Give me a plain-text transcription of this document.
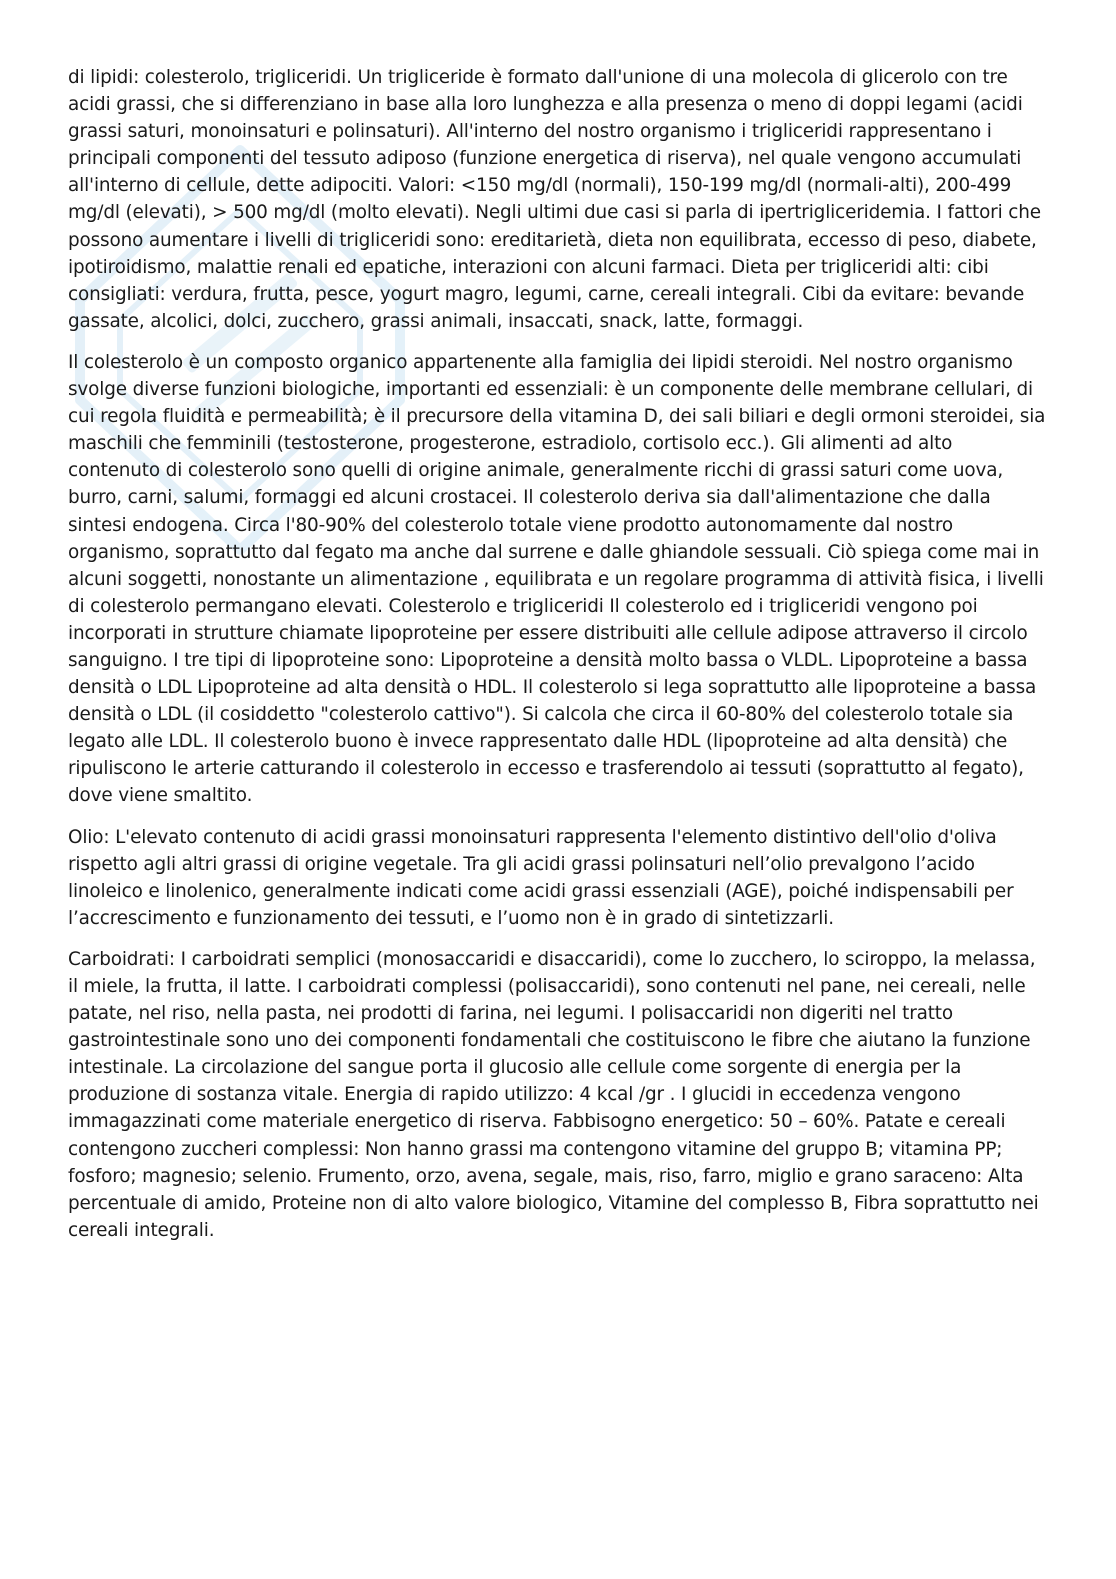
di lipidi: colesterolo, trigliceridi. Un trigliceride è formato dall'unione di una molecola di glicerolo con tre acidi grassi, che si differenziano in base alla loro lunghezza e alla presenza o meno di doppi legami (acidi grassi saturi, monoinsaturi e polinsaturi). All'interno del nostro organismo i trigliceridi rappresentano i principali componenti del tessuto adiposo (funzione energetica di riserva), nel quale vengono accumulati all'interno di cellule, dette adipociti. Valori: <150 mg/dl (normali), 150-199 mg/dl (normali-alti), 200-499 mg/dl (elevati), > 500 mg/dl (molto elevati). Negli ultimi due casi si parla di ipertrigliceridemia. I fattori che possono aumentare i livelli di trigliceridi sono: ereditarietà, dieta non equilibrata, eccesso di peso, diabete, ipotiroidismo, malattie renali ed epatiche, interazioni con alcuni farmaci. Dieta per trigliceridi alti: cibi consigliati: verdura, frutta, pesce, yogurt magro, legumi, carne, cereali integrali. Cibi da evitare: bevande gassate, alcolici, dolci, zucchero, grassi animali, insaccati, snack, latte, formaggi.

Il colesterolo è un composto organico appartenente alla famiglia dei lipidi steroidi. Nel nostro organismo svolge diverse funzioni biologiche, importanti ed essenziali: è un componente delle membrane cellulari, di cui regola fluidità e permeabilità; è il precursore della vitamina D, dei sali biliari e degli ormoni steroidei, sia maschili che femminili (testosterone, progesterone, estradiolo, cortisolo ecc.). Gli alimenti ad alto contenuto di colesterolo sono quelli di origine animale, generalmente ricchi di grassi saturi come uova, burro, carni, salumi, formaggi ed alcuni crostacei. Il colesterolo deriva sia dall'alimentazione che dalla sintesi endogena. Circa l'80-90% del colesterolo totale viene prodotto autonomamente dal nostro organismo, soprattutto dal fegato ma anche dal surrene e dalle ghiandole sessuali. Ciò spiega come mai in alcuni soggetti, nonostante un alimentazione , equilibrata e un regolare programma di attività fisica, i livelli di colesterolo permangano elevati. Colesterolo e trigliceridi Il colesterolo ed i trigliceridi vengono poi incorporati in strutture chiamate lipoproteine per essere distribuiti alle cellule adipose attraverso il circolo sanguigno. I tre tipi di lipoproteine sono: Lipoproteine a densità molto bassa o VLDL. Lipoproteine a bassa densità o LDL Lipoproteine ad alta densità o HDL. Il colesterolo si lega soprattutto alle lipoproteine a bassa densità o LDL (il cosiddetto "colesterolo cattivo"). Si calcola che circa il 60-80% del colesterolo totale sia legato alle LDL. Il colesterolo buono è invece rappresentato dalle HDL (lipoproteine ad alta densità) che ripuliscono le arterie catturando il colesterolo in eccesso e trasferendolo ai tessuti (soprattutto al fegato), dove viene smaltito.

Olio: L'elevato contenuto di acidi grassi monoinsaturi rappresenta l'elemento distintivo dell'olio d'oliva rispetto agli altri grassi di origine vegetale. Tra gli acidi grassi polinsaturi nell’olio prevalgono l’acido linoleico e linolenico, generalmente indicati come acidi grassi essenziali (AGE), poiché indispensabili per l’accrescimento e funzionamento dei tessuti, e l’uomo non è in grado di sintetizzarli.

Carboidrati: I carboidrati semplici (monosaccaridi e disaccaridi), come lo zucchero, lo sciroppo, la melassa, il miele, la frutta, il latte. I carboidrati complessi (polisaccaridi), sono contenuti nel pane, nei cereali, nelle patate, nel riso, nella pasta, nei prodotti di farina, nei legumi. I polisaccaridi non digeriti nel tratto gastrointestinale sono uno dei componenti fondamentali che costituiscono le fibre che aiutano la funzione intestinale. La circolazione del sangue porta il glucosio alle cellule come sorgente di energia per la produzione di sostanza vitale. Energia di rapido utilizzo: 4 kcal /gr . I glucidi in eccedenza vengono immagazzinati come materiale energetico di riserva. Fabbisogno energetico: 50 – 60%. Patate e cereali contengono zuccheri complessi: Non hanno grassi ma contengono vitamine del gruppo B; vitamina PP; fosforo; magnesio; selenio. Frumento, orzo, avena, segale, mais, riso, farro, miglio e grano saraceno: Alta percentuale di amido, Proteine non di alto valore biologico, Vitamine del complesso B, Fibra soprattutto nei cereali integrali.
